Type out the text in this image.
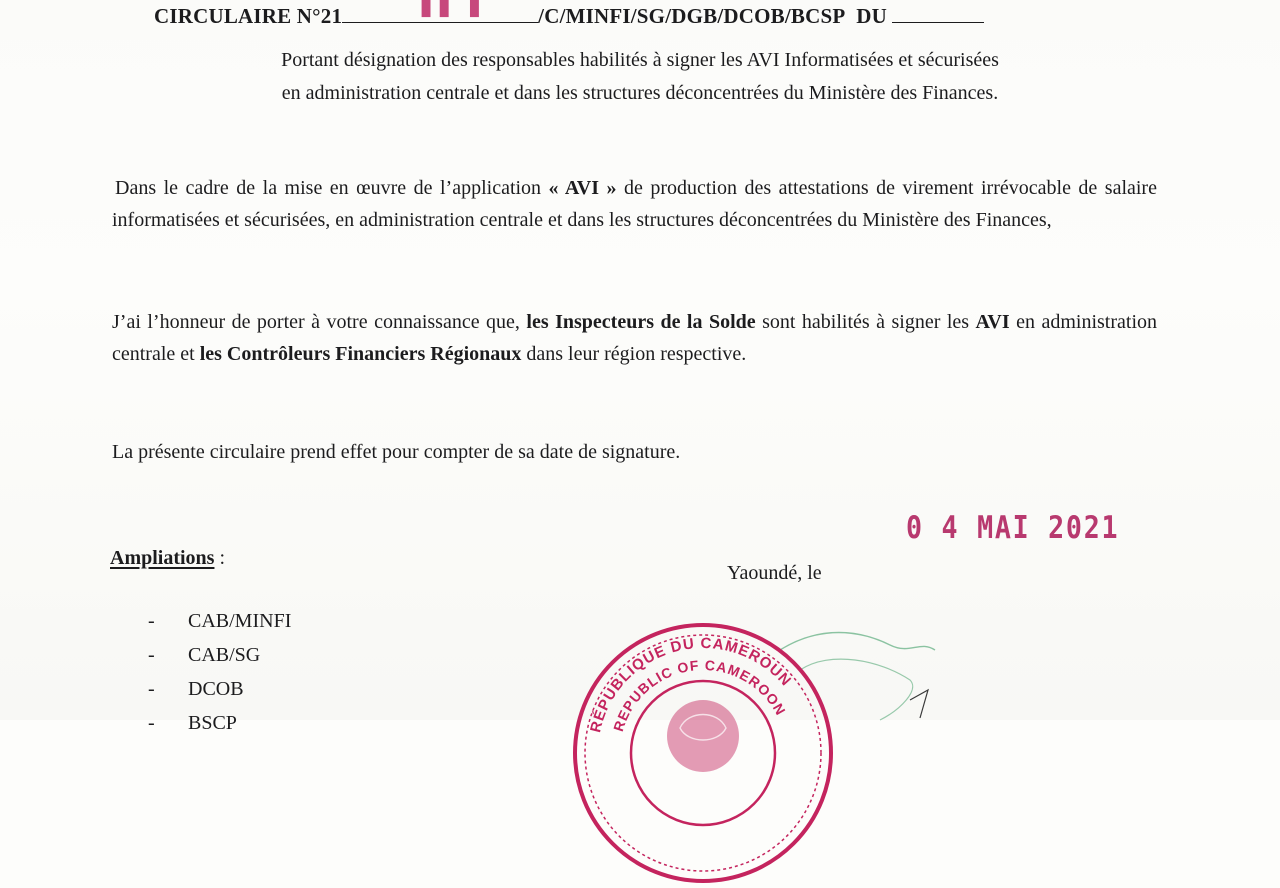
▮▮ ▮
CIRCULAIRE N°21	/C/MINFI/SG/DGB/DCOB/BCSP DU
Portant désignation des responsables habilités à signer les AVI Informatisées et sécurisées
en administration centrale et dans les structures déconcentrées du Ministère des Finances.
Dans le cadre de la mise en œuvre de l’application « AVI » de production des attestations de virement irrévocable de salaire informatisées et sécurisées, en administration centrale et dans les structures déconcentrées du Ministère des Finances,
J’ai l’honneur de porter à votre connaissance que, les Inspecteurs de la Solde sont habilités à signer les AVI en administration centrale et les Contrôleurs Financiers Régionaux dans leur région respective.
La présente circulaire prend effet pour compter de sa date de signature.
0 4 MAI 2021
Ampliations :
Yaoundé, le
-	CAB/MINFI
-	CAB/SG
-	DCOB
-	BSCP	RÉPUBLIQUE DU CAMEROUN
REPUBLIC OF CAMEROON
